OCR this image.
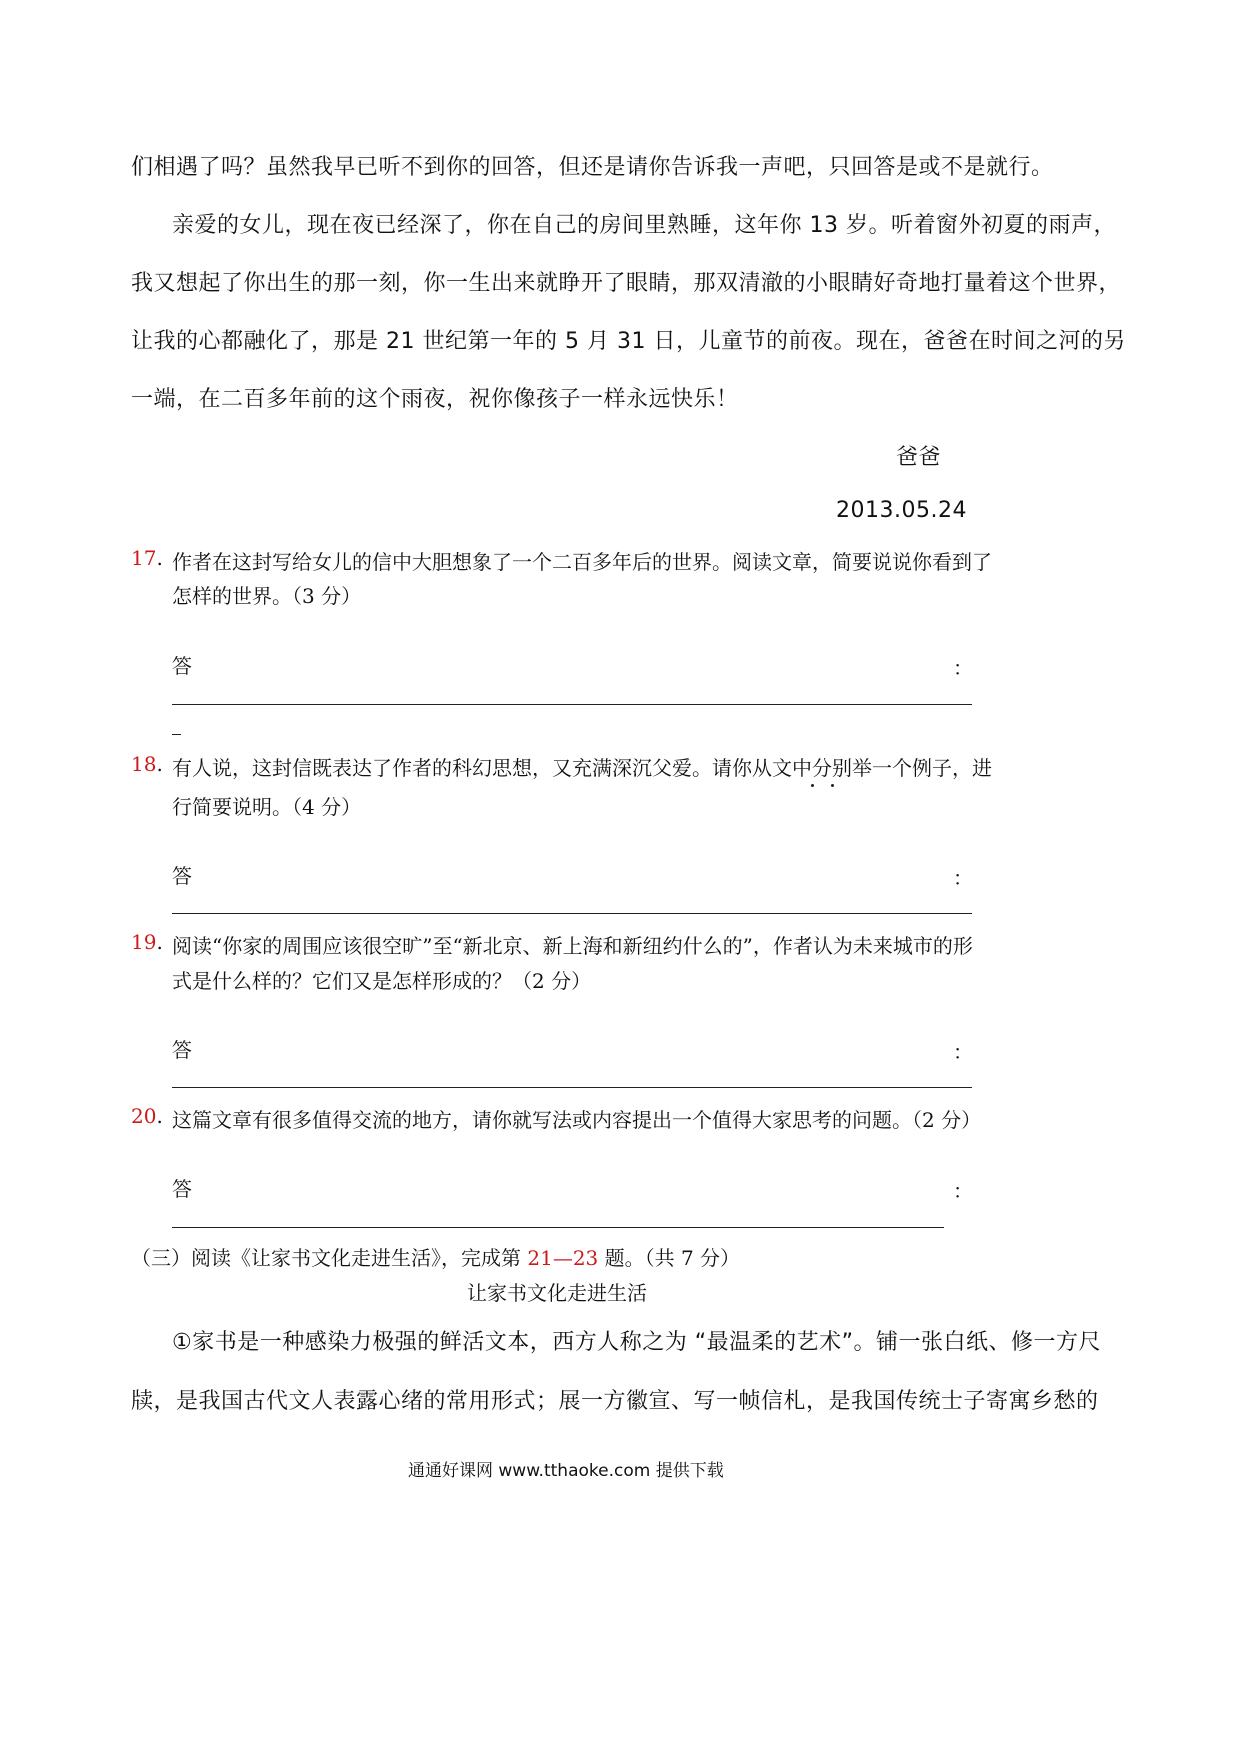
们相遇了吗？虽然我早已听不到你的回答，但还是请你告诉我一声吧，只回答是或不是就行。
亲爱的女儿，现在夜已经深了，你在自己的房间里熟睡，这年你 13 岁。听着窗外初夏的雨声，
我又想起了你出生的那一刻，你一生出来就睁开了眼睛，那双清澈的小眼睛好奇地打量着这个世界，
让我的心都融化了，那是 21 世纪第一年的 5 月 31 日，儿童节的前夜。现在，爸爸在时间之河的另
一端，在二百多年前的这个雨夜，祝你像孩子一样永远快乐！
爸爸
2013.05.24
17. 作者在这封写给女儿的信中大胆想象了一个二百多年后的世界。阅读文章，简要说说你看到了
怎样的世界。（3 分）
答	：
18. 有人说，这封信既表达了作者的科幻思想，又充满深沉父爱。请你从文中分别举一个例子，进
行简要说明。（4 分）
答	：
19. 阅读“你家的周围应该很空旷”至“新北京、新上海和新纽约什么的”，作者认为未来城市的形
式是什么样的？它们又是怎样形成的？（2 分）
答	：
20. 这篇文章有很多值得交流的地方，请你就写法或内容提出一个值得大家思考的问题。（2 分）
答	：
（三）阅读《让家书文化走进生活》，完成第 21—23 题。（共 7 分）
让家书文化走进生活
①家书是一种感染力极强的鲜活文本，西方人称之为 “最温柔的艺术”。铺一张白纸、修一方尺
牍，是我国古代文人表露心绪的常用形式；展一方徽宣、写一帧信札，是我国传统士子寄寓乡愁的
通通好课网 www.tthaoke.com 提供下载
